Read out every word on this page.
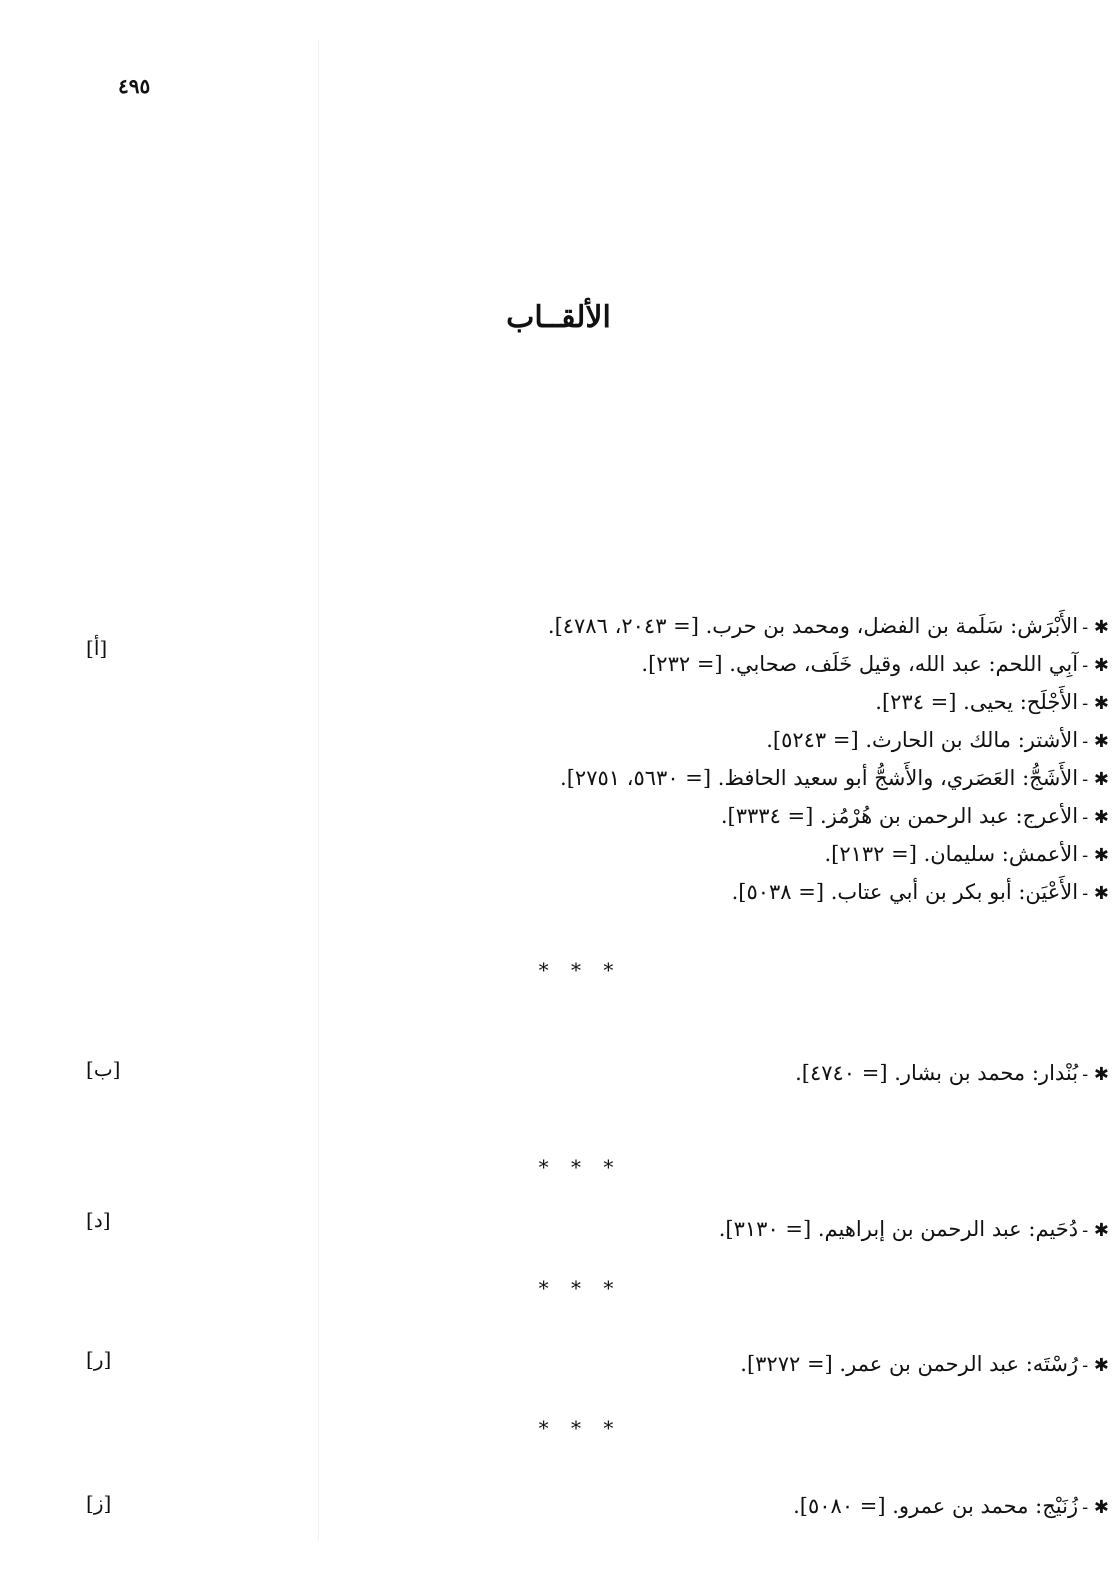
٤٩٥
الألقــاب
[أ]
✱ -الأَبْرَش: سَلَمة بن الفضل، ومحمد بن حرب. [= ٢٠٤٣، ٤٧٨٦].
✱ -آبِي اللحم: عبد الله، وقيل خَلَف، صحابي. [= ٢٣٢].
✱ -الأَجْلَح: يحيى. [= ٢٣٤].
✱ -الأشتر: مالك بن الحارث. [= ٥٢٤٣].
✱ -الأَشَجُّ: العَصَري، والأَشجُّ أبو سعيد الحافظ. [= ٥٦٣٠، ٢٧٥١].
✱ -الأعرج: عبد الرحمن بن هُرْمُز. [= ٣٣٣٤].
✱ -الأعمش: سليمان. [= ٢١٣٢].
✱ -الأَعْيَن: أبو بكر بن أبي عتاب. [= ٥٠٣٨].
* * *
[ب]	✱ -بُنْدار: محمد بن بشار. [= ٤٧٤٠].
* * *
[د]	✱ -دُحَيم: عبد الرحمن بن إبراهيم. [= ٣١٣٠].
* * *
[ر]	✱ -رُسْتَه: عبد الرحمن بن عمر. [= ٣٢٧٢].
* * *
[ز]	✱ -زُنَيْج: محمد بن عمرو. [= ٥٠٨٠].
